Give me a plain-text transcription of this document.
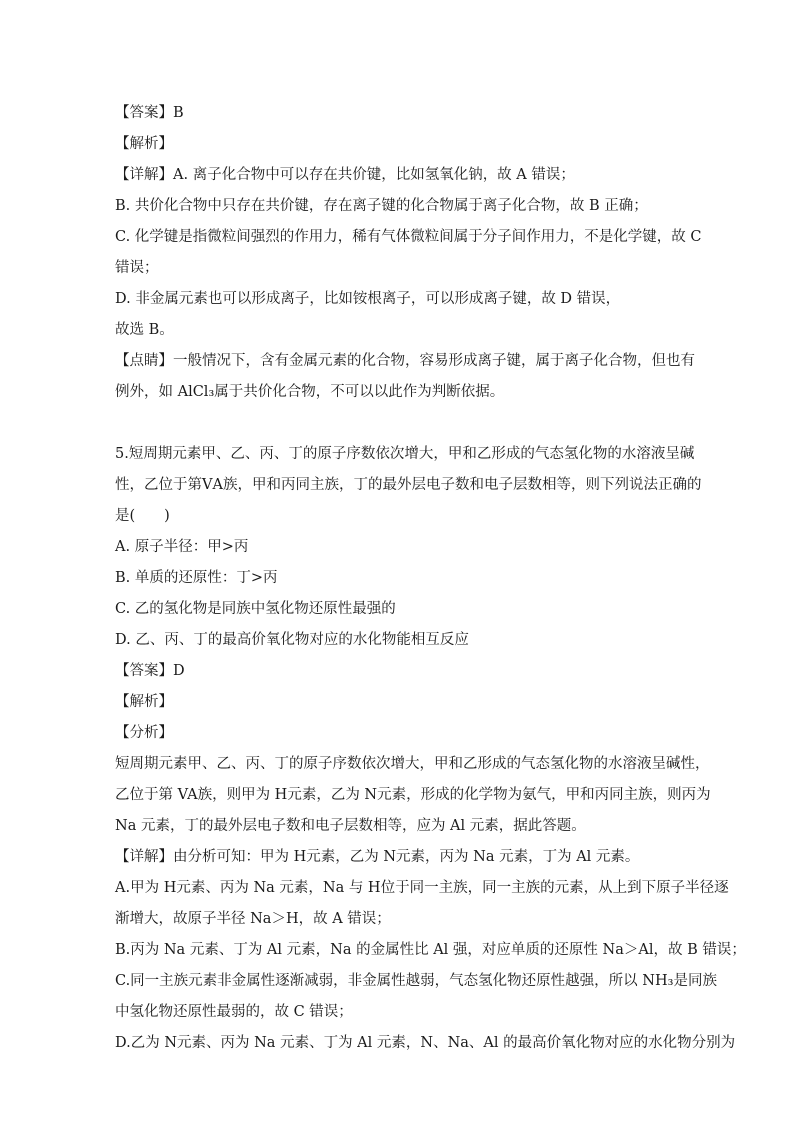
【答案】B
【解析】
【详解】A. 离子化合物中可以存在共价键，比如氢氧化钠，故 A 错误；
B. 共价化合物中只存在共价键，存在离子键的化合物属于离子化合物，故 B 正确；
C. 化学键是指微粒间强烈的作用力，稀有气体微粒间属于分子间作用力，不是化学键，故 C
错误；
D. 非金属元素也可以形成离子，比如铵根离子，可以形成离子键，故 D 错误，
故选 B。
【点睛】一般情况下，含有金属元素的化合物，容易形成离子键，属于离子化合物，但也有
例外，如 AlCl₃属于共价化合物，不可以以此作为判断依据。
5.短周期元素甲、乙、丙、丁的原子序数依次增大，甲和乙形成的气态氢化物的水溶液呈碱
性，乙位于第ⅤA族，甲和丙同主族，丁的最外层电子数和电子层数相等，则下列说法正确的
是(　　)
A. 原子半径：甲>丙
B. 单质的还原性：丁>丙
C. 乙的氢化物是同族中氢化物还原性最强的
D. 乙、丙、丁的最高价氧化物对应的水化物能相互反应
【答案】D
【解析】
【分析】
短周期元素甲、乙、丙、丁的原子序数依次增大，甲和乙形成的气态氢化物的水溶液呈碱性，
乙位于第 VA族，则甲为 H元素，乙为 N元素，形成的化学物为氨气，甲和丙同主族，则丙为
Na 元素，丁的最外层电子数和电子层数相等，应为 Al 元素，据此答题。
【详解】由分析可知：甲为 H元素，乙为 N元素，丙为 Na 元素，丁为 Al 元素。
A.甲为 H元素、丙为 Na 元素，Na 与 H位于同一主族，同一主族的元素，从上到下原子半径逐
渐增大，故原子半径 Na＞H，故 A 错误；
B.丙为 Na 元素、丁为 Al 元素，Na 的金属性比 Al 强，对应单质的还原性 Na＞Al，故 B 错误；
C.同一主族元素非金属性逐渐减弱，非金属性越弱，气态氢化物还原性越强，所以 NH₃是同族
中氢化物还原性最弱的，故 C 错误；
D.乙为 N元素、丙为 Na 元素、丁为 Al 元素，N、Na、Al 的最高价氧化物对应的水化物分别为
